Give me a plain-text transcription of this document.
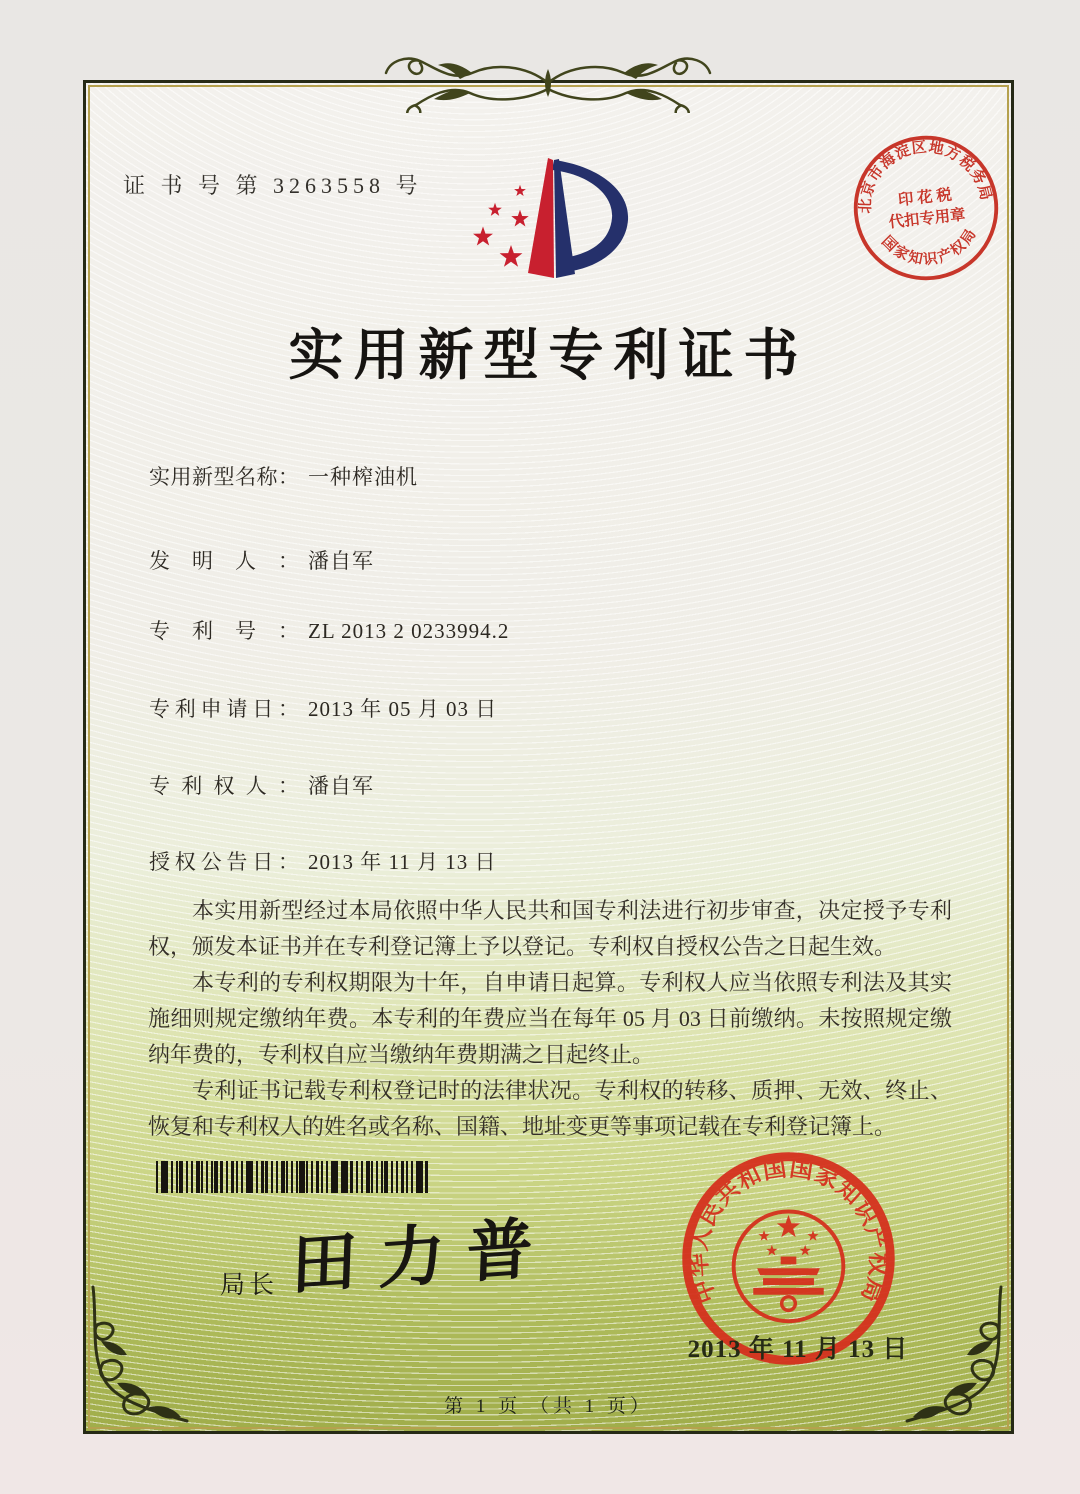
证 书 号 第 3263558 号
北京市海淀区地方税务局
国家知识产权局
印 花 税
代扣专用章
实用新型专利证书
实用新型名称： 一种榨油机
发明人： 潘自军
专利号： ZL 2013 2 0233994.2
专利申请日： 2013 年 05 月 03 日
专利权人： 潘自军
授权公告日： 2013 年 11 月 13 日

本实用新型经过本局依照中华人民共和国专利法进行初步审查，决定授予专利权，颁发本证书并在专利登记簿上予以登记。专利权自授权公告之日起生效。

本专利的专利权期限为十年，自申请日起算。专利权人应当依照专利法及其实施细则规定缴纳年费。本专利的年费应当在每年 05 月 03 日前缴纳。未按照规定缴纳年费的，专利权自应当缴纳年费期满之日起终止。

专利证书记载专利权登记时的法律状况。专利权的转移、质押、无效、终止、恢复和专利权人的姓名或名称、国籍、地址变更等事项记载在专利登记簿上。

局长 田力普	中华人民共和国国家知识产权局
2013 年 11 月 13 日
第 1 页 （共 1 页）
